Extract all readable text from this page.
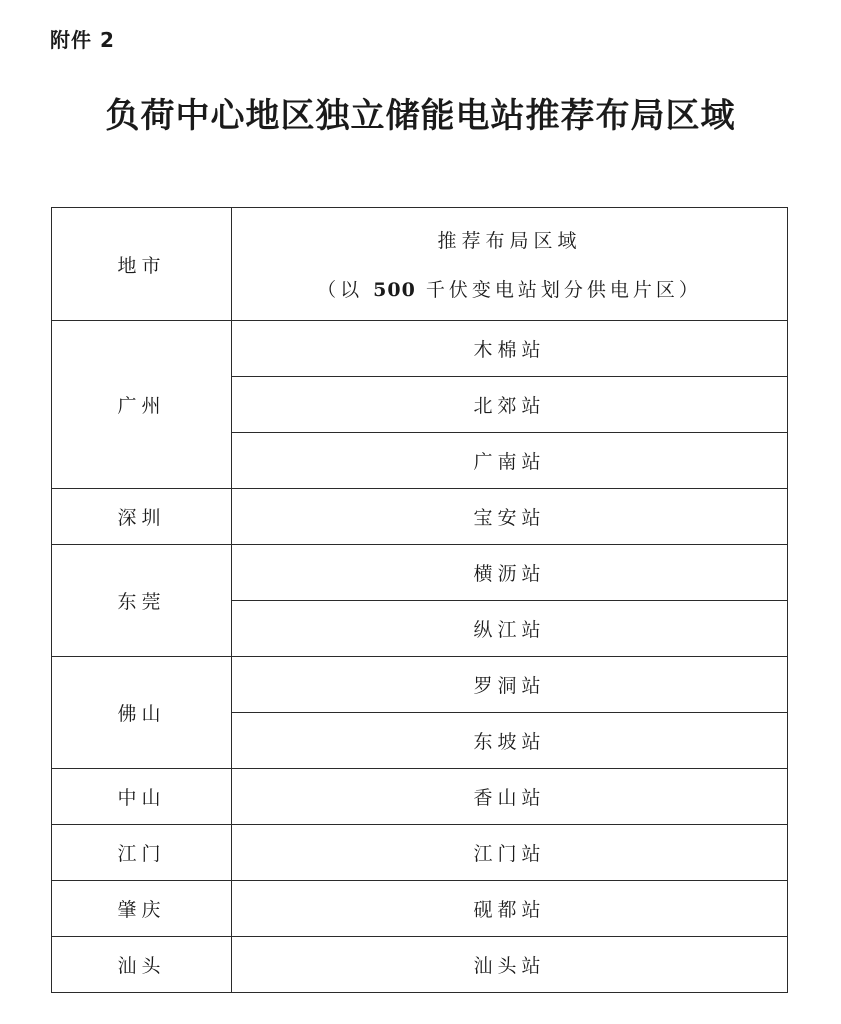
附件 2
负荷中心地区独立储能电站推荐布局区域
地市	推荐布局区域
（以 500 千伏变电站划分供电片区）

广州	木棉站
	北郊站
	广南站
深圳	宝安站
东莞	横沥站
	纵江站
佛山	罗洞站
	东坡站
中山	香山站
江门	江门站
肇庆	砚都站
汕头	汕头站
